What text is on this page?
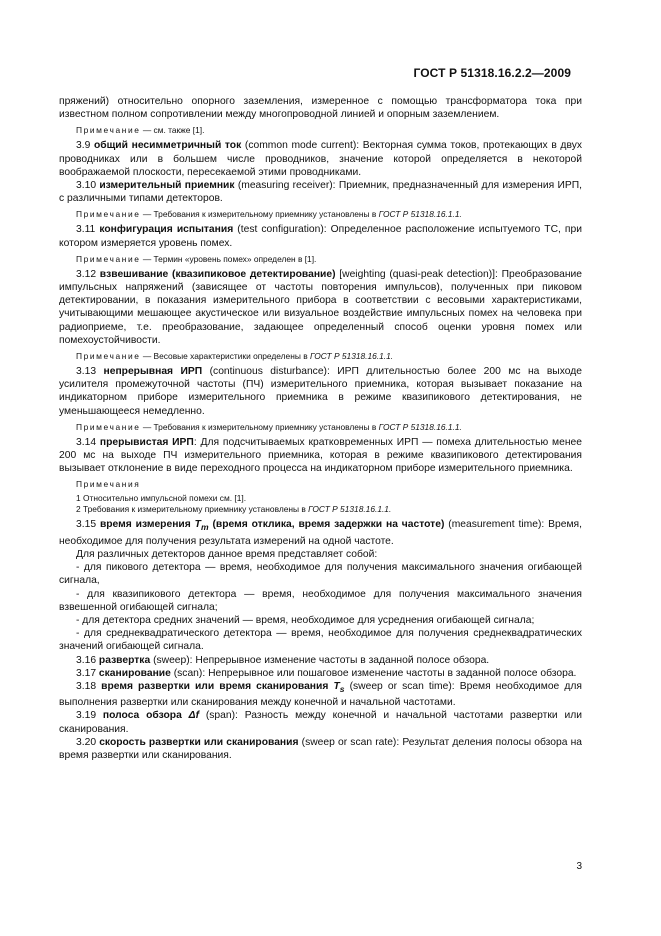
ГОСТ Р 51318.16.2.2—2009

пряжений) относительно опорного заземления, измеренное с помощью трансформатора тока при известном полном сопротивлении между многопроводной линией и опорным заземлением.

Примечание — см. также [1].

3.9 общий несимметричный ток (common mode current): Векторная сумма токов, протекающих в двух проводниках или в большем числе проводников, значение которой определяется в некоторой воображаемой плоскости, пересекаемой этими проводниками.

3.10 измерительный приемник (measuring receiver): Приемник, предназначенный для измерения ИРП, с различными типами детекторов.

Примечание — Требования к измерительному приемнику установлены в ГОСТ Р 51318.16.1.1.

3.11 конфигурация испытания (test configuration): Определенное расположение испытуемого ТС, при котором измеряется уровень помех.

Примечание — Термин «уровень помех» определен в [1].

3.12 взвешивание (квазипиковое детектирование) [weighting (quasi-peak detection)]: Преобразование импульсных напряжений (зависящее от частоты повторения импульсов), полученных при пиковом детектировании, в показания измерительного прибора в соответствии с весовыми характеристиками, учитывающими мешающее акустическое или визуальное воздействие импульсных помех на человека при радиоприеме, т.е. преобразование, задающее определенный способ оценки уровня помех или помехоустойчивости.

Примечание — Весовые характеристики определены в ГОСТ Р 51318.16.1.1.

3.13 непрерывная ИРП (continuous disturbance): ИРП длительностью более 200 мс на выходе усилителя промежуточной частоты (ПЧ) измерительного приемника, которая вызывает показание на индикаторном приборе измерительного приемника в режиме квазипикового детектирования, не уменьшающееся немедленно.

Примечание — Требования к измерительному приемнику установлены в ГОСТ Р 51318.16.1.1.

3.14 прерывистая ИРП: Для подсчитываемых кратковременных ИРП — помеха длительностью менее 200 мс на выходе ПЧ измерительного приемника, которая в режиме квазипикового детектирования вызывает отклонение в виде переходного процесса на индикаторном приборе измерительного приемника.

Примечания

1 Относительно импульсной помехи см. [1].

2 Требования к измерительному приемнику установлены в ГОСТ Р 51318.16.1.1.

3.15 время измерения $T_m$ (время отклика, время задержки на частоте) (measurement time): Время, необходимое для получения результата измерений на одной частоте.

Для различных детекторов данное время представляет собой:

- для пикового детектора — время, необходимое для получения максимального значения огибающей сигнала,

- для квазипикового детектора — время, необходимое для получения максимального значения взвешенной огибающей сигнала;

- для детектора средних значений — время, необходимое для усреднения огибающей сигнала;

- для среднеквадратического детектора — время, необходимое для получения среднеквадратических значений огибающей сигнала.

3.16 развертка (sweep): Непрерывное изменение частоты в заданной полосе обзора.

3.17 сканирование (scan): Непрерывное или пошаговое изменение частоты в заданной полосе обзора.

3.18 время развертки или время сканирования $T_s$ (sweep or scan time): Время необходимое для выполнения развертки или сканирования между конечной и начальной частотами.

3.19 полоса обзора Δf (span): Разность между конечной и начальной частотами развертки или сканирования.

3.20 скорость развертки или сканирования (sweep or scan rate): Результат деления полосы обзора на время развертки или сканирования.

3
